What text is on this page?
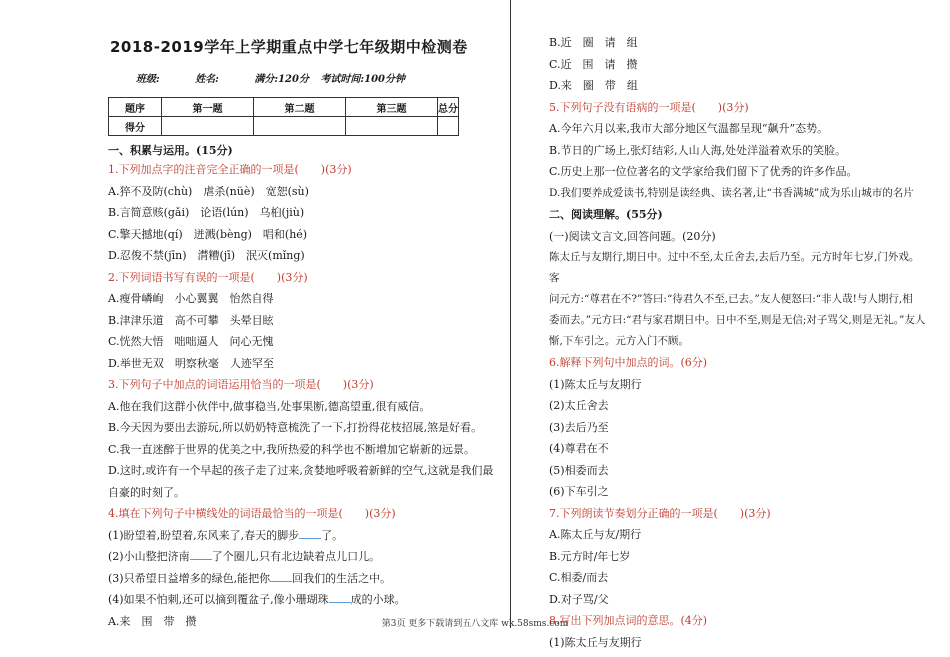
2018-2019学年上学期重点中学七年级期中检测卷
班级:	姓名:	满分:120分 考试时间:100分钟
题序	第一题	第二题	第三题	总分
得分				

一、积累与运用。(15分)

1.下列加点字的注音完全正确的一项是(　　)(3分)

A.猝不及防(chù)　虐杀(nüè)　宽恕(sù)

B.言简意赅(gǎi)　论语(lún)　乌桕(jiù)

C.擎天撼地(qí)　迸溅(bèng)　唱和(hé)

D.忍俊不禁(jīn)　潸糟(jī)　泯灭(mǐng)

2.下列词语书写有误的一项是(　　)(3分)

A.瘦骨嶙峋　小心翼翼　怡然自得

B.津津乐道　高不可攀　头晕目眩

C.恍然大悟　咄咄逼人　问心无愧

D.举世无双　明察秋毫　人迹罕至

3.下列句子中加点的词语运用恰当的一项是(　　)(3分)

A.他在我们这群小伙伴中,做事稳当,处事果断,德高望重,很有威信。

B.今天因为要出去游玩,所以奶奶特意梳洗了一下,打扮得花枝招展,煞是好看。

C.我一直迷醉于世界的优美之中,我所热爱的科学也不断增加它崭新的远景。

D.这时,或许有一个早起的孩子走了过来,贪婪地呼吸着新鲜的空气,这就是我们最

自豪的时刻了。

4.填在下列句子中横线处的词语最恰当的一项是(　　)(3分)

(1)盼望着,盼望着,东风来了,春天的脚步 了。

(2)小山整把济南 了个圈儿,只有北边缺着点儿口儿。

(3)只希望日益增多的绿色,能把你 回我们的生活之中。

(4)如果不怕刺,还可以摘到覆盆子,像小珊瑚珠 成的小球。

A.来　围　带　攒

B.近　圈　请　组

C.近　围　请　攒

D.来　圈　带　组

5.下列句子没有语病的一项是(　　)(3分)

A.今年六月以来,我市大部分地区气温都呈现“飙升”态势。

B.节日的广场上,张灯结彩,人山人海,处处洋溢着欢乐的笑脸。

C.历史上那一位位著名的文学家给我们留下了优秀的许多作品。

D.我们要养成爱读书,特别是读经典、读名著,让“书香满城”成为乐山城市的名片

二、阅读理解。(55分)

(一)阅读文言文,回答问题。(20分)

陈太丘与友期行,期日中。过中不至,太丘舍去,去后乃至。元方时年七岁,门外戏。客

问元方:“尊君在不?”答曰:“待君久不至,已去。”友人便怒曰:“非人哉!与人期行,相

委而去。”元方曰:“君与家君期日中。日中不至,则是无信;对子骂父,则是无礼。”友人

惭,下车引之。元方入门不顾。

6.解释下列句中加点的词。(6分)

(1)陈太丘与友期行

(2)太丘舍去

(3)去后乃至

(4)尊君在不

(5)相委而去

(6)下车引之

7.下列朗读节奏划分正确的一项是(　　)(3分)

A.陈太丘与友/期行

B.元方时/年七岁

C.相委/而去

D.对子骂/父

8.写出下列加点词的意思。(4分)

(1)陈太丘与友期行

第3页 更多下载请到五八文库 wk.58sms.com
